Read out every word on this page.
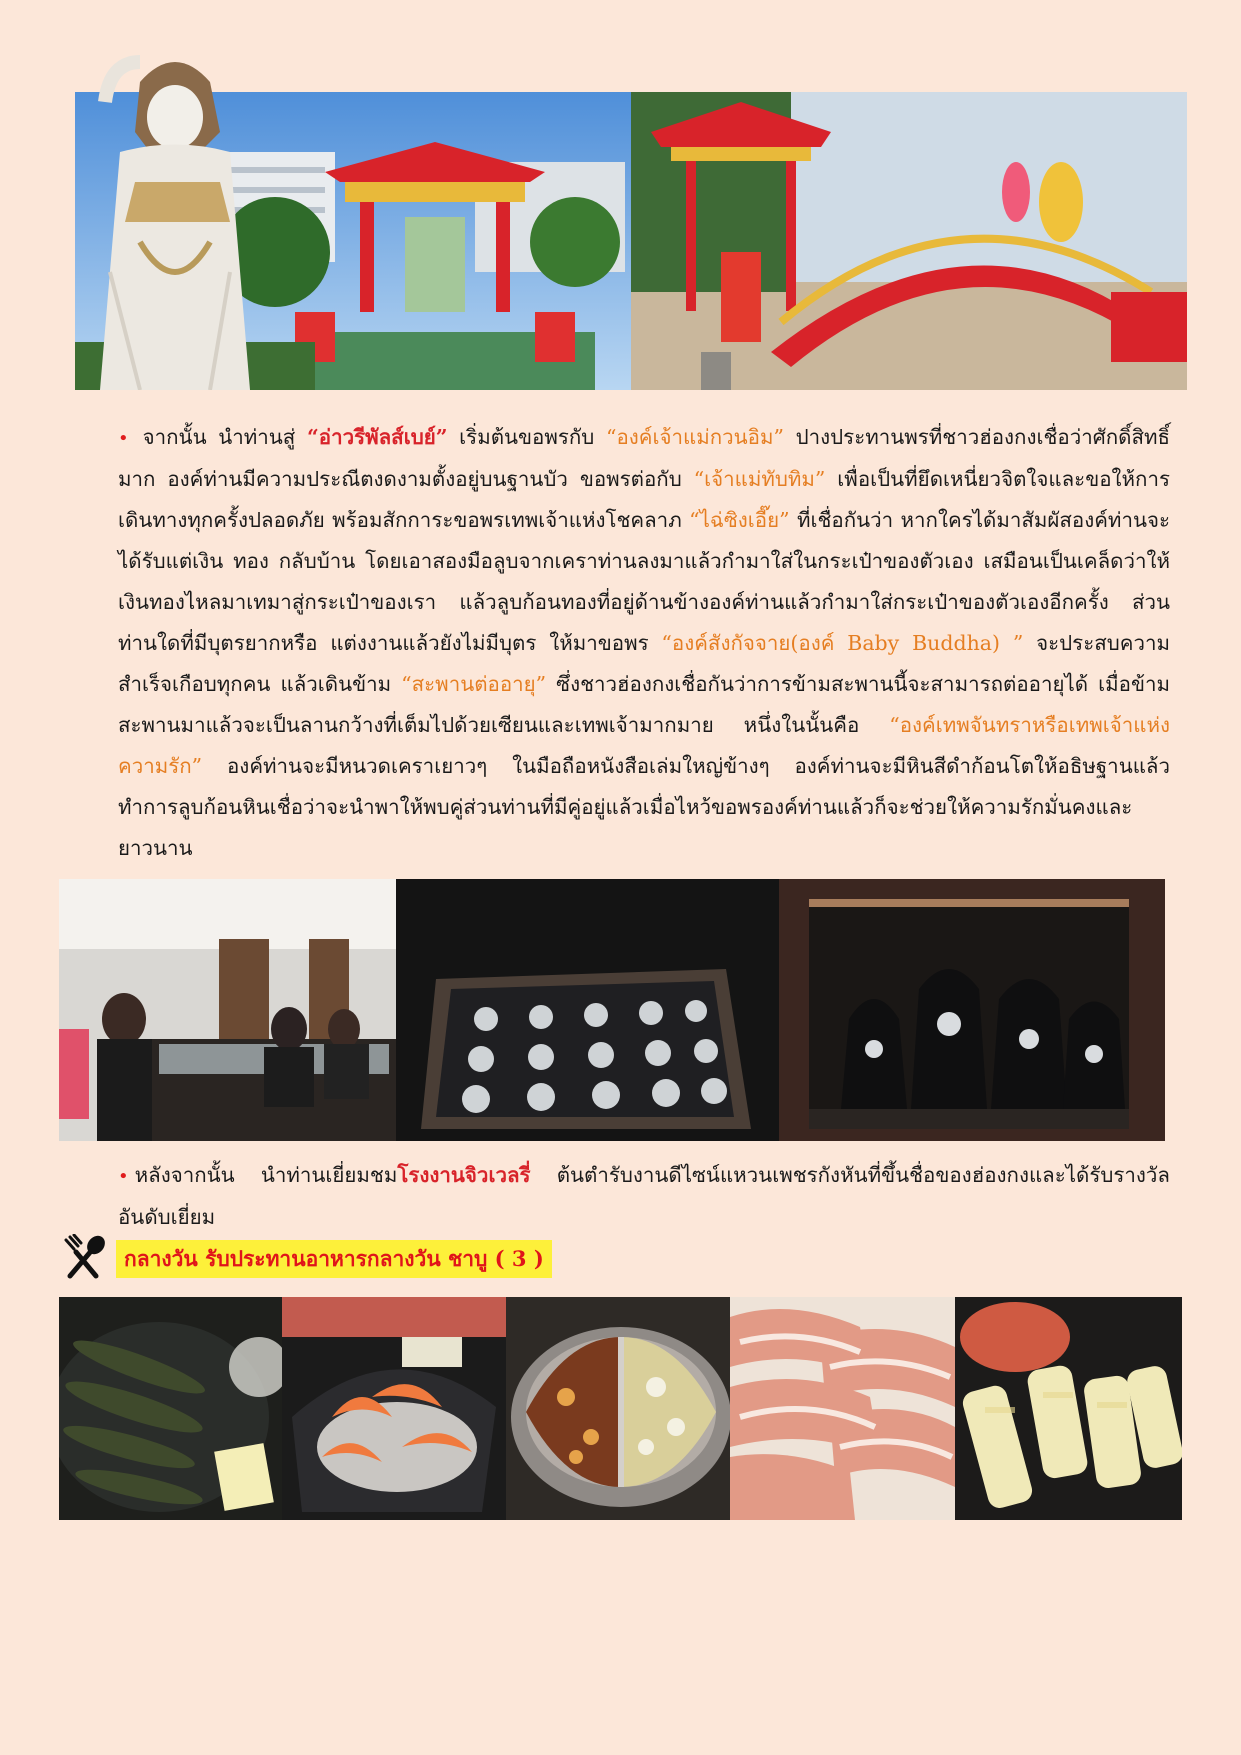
• จากนั้น นำท่านสู่ “อ่าวรีพัลส์เบย์” เริ่มต้นขอพรกับ “องค์เจ้าแม่กวนอิม” ปางประทานพรที่ชาวฮ่องกงเชื่อว่าศักดิ์สิทธิ์มาก องค์ท่านมีความประณีตงดงามตั้งอยู่บนฐานบัว ขอพรต่อกับ “เจ้าแม่ทับทิม” เพื่อเป็นที่ยึดเหนี่ยวจิตใจและขอให้การเดินทางทุกครั้งปลอดภัย พร้อมสักการะขอพรเทพเจ้าแห่งโชคลาภ “ไฉ่ซิงเอี๊ย” ที่เชื่อกันว่า หากใครได้มาสัมผัสองค์ท่านจะได้รับแต่เงิน ทอง กลับบ้าน โดยเอาสองมือลูบจากเคราท่านลงมาแล้วกำมาใส่ในกระเป๋าของตัวเอง เสมือนเป็นเคล็ดว่าให้เงินทองไหลมาเทมาสู่กระเป๋าของเรา แล้วลูบก้อนทองที่อยู่ด้านข้างองค์ท่านแล้วกำมาใส่กระเป๋าของตัวเองอีกครั้ง ส่วนท่านใดที่มีบุตรยากหรือ แต่งงานแล้วยังไม่มีบุตร ให้มาขอพร “องค์สังกัจจาย(องค์ Baby Buddha) ” จะประสบความสำเร็จเกือบทุกคน แล้วเดินข้าม “สะพานต่ออายุ” ซึ่งชาวฮ่องกงเชื่อกันว่าการข้ามสะพานนี้จะสามารถต่ออายุได้ เมื่อข้ามสะพานมาแล้วจะเป็นลานกว้างที่เต็มไปด้วยเซียนและเทพเจ้ามากมาย หนึ่งในนั้นคือ “องค์เทพจันทราหรือเทพเจ้าแห่งความรัก” องค์ท่านจะมีหนวดเคราเยาวๆ ในมือถือหนังสือเล่มใหญ่ข้างๆ องค์ท่านจะมีหินสีดำก้อนโตให้อธิษฐานแล้วทำการลูบก้อนหินเชื่อว่าจะนำพาให้พบคู่ส่วนท่านที่มีคู่อยู่แล้วเมื่อไหว้ขอพรองค์ท่านแล้วก็จะช่วยให้ความรักมั่นคงและยาวนาน
• หลังจากนั้น นำท่านเยี่ยมชมโรงงานจิวเวลรี่ ต้นตำรับงานดีไซน์แหวนเพชรกังหันที่ขึ้นชื่อของฮ่องกงและได้รับรางวัลอันดับเยี่ยม
กลางวัน รับประทานอาหารกลางวัน ชาบู ( 3 )
